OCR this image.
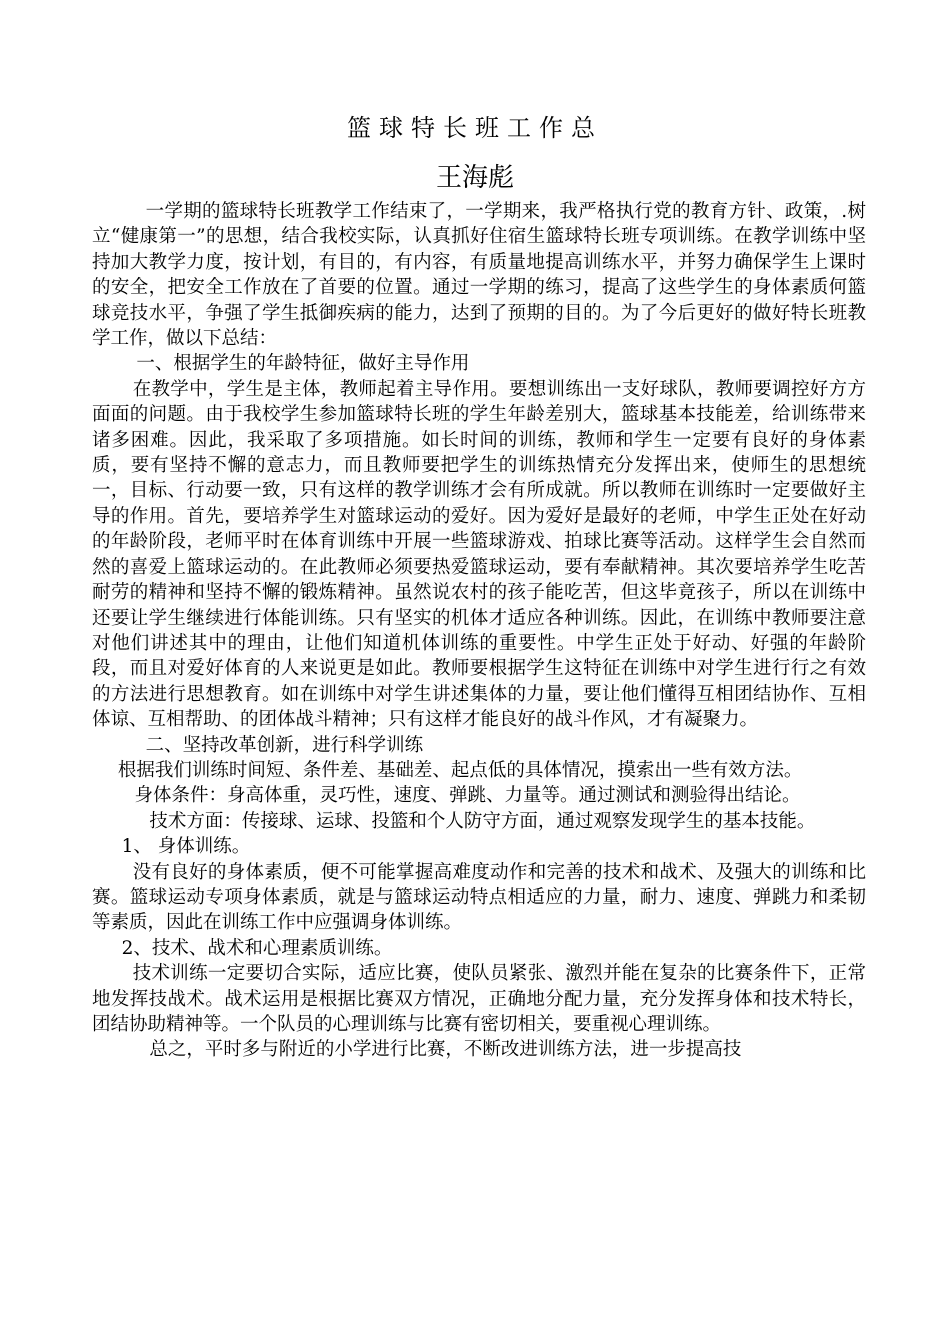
篮球特长班工作总
王海彪

一学期的篮球特长班教学工作结束了，一学期来，我严格执行党的教育方针、政策，.树立“健康第一”的思想，结合我校实际，认真抓好住宿生篮球特长班专项训练。在教学训练中坚持加大教学力度，按计划，有目的，有内容，有质量地提高训练水平，并努力确保学生上课时的安全，把安全工作放在了首要的位置。通过一学期的练习，提高了这些学生的身体素质何篮球竞技水平，争强了学生抵御疾病的能力，达到了预期的目的。为了今后更好的做好特长班教学工作，做以下总结：

一、根据学生的年龄特征，做好主导作用

在教学中，学生是主体，教师起着主导作用。要想训练出一支好球队，教师要调控好方方面面的问题。由于我校学生参加篮球特长班的学生年龄差别大，篮球基本技能差，给训练带来诸多困难。因此，我采取了多项措施。如长时间的训练，教师和学生一定要有良好的身体素质，要有坚持不懈的意志力，而且教师要把学生的训练热情充分发挥出来，使师生的思想统一，目标、行动要一致，只有这样的教学训练才会有所成就。所以教师在训练时一定要做好主导的作用。首先，要培养学生对篮球运动的爱好。因为爱好是最好的老师，中学生正处在好动的年龄阶段，老师平时在体育训练中开展一些篮球游戏、拍球比赛等活动。这样学生会自然而然的喜爱上篮球运动的。在此教师必须要热爱篮球运动，要有奉献精神。其次要培养学生吃苦耐劳的精神和坚持不懈的锻炼精神。虽然说农村的孩子能吃苦，但这毕竟孩子，所以在训练中还要让学生继续进行体能训练。只有坚实的机体才适应各种训练。因此，在训练中教师要注意对他们讲述其中的理由，让他们知道机体训练的重要性。中学生正处于好动、好强的年龄阶段，而且对爱好体育的人来说更是如此。教师要根据学生这特征在训练中对学生进行行之有效的方法进行思想教育。如在训练中对学生讲述集体的力量，要让他们懂得互相团结协作、互相体谅、互相帮助、的团体战斗精神；只有这样才能良好的战斗作风，才有凝聚力。

二、坚持改革创新，进行科学训练

根据我们训练时间短、条件差、基础差、起点低的具体情况，摸索出一些有效方法。

身体条件：身高体重，灵巧性，速度、弹跳、力量等。通过测试和测验得出结论。

技术方面：传接球、运球、投篮和个人防守方面，通过观察发现学生的基本技能。

1、 身体训练。

没有良好的身体素质，便不可能掌握高难度动作和完善的技术和战术、及强大的训练和比赛。篮球运动专项身体素质，就是与篮球运动特点相适应的力量，耐力、速度、弹跳力和柔韧等素质，因此在训练工作中应强调身体训练。

2、技术、战术和心理素质训练。

技术训练一定要切合实际，适应比赛，使队员紧张、激烈并能在复杂的比赛条件下，正常地发挥技战术。战术运用是根据比赛双方情况，正确地分配力量，充分发挥身体和技术特长，团结协助精神等。一个队员的心理训练与比赛有密切相关，要重视心理训练。

总之，平时多与附近的小学进行比赛，不断改进训练方法，进一步提高技
